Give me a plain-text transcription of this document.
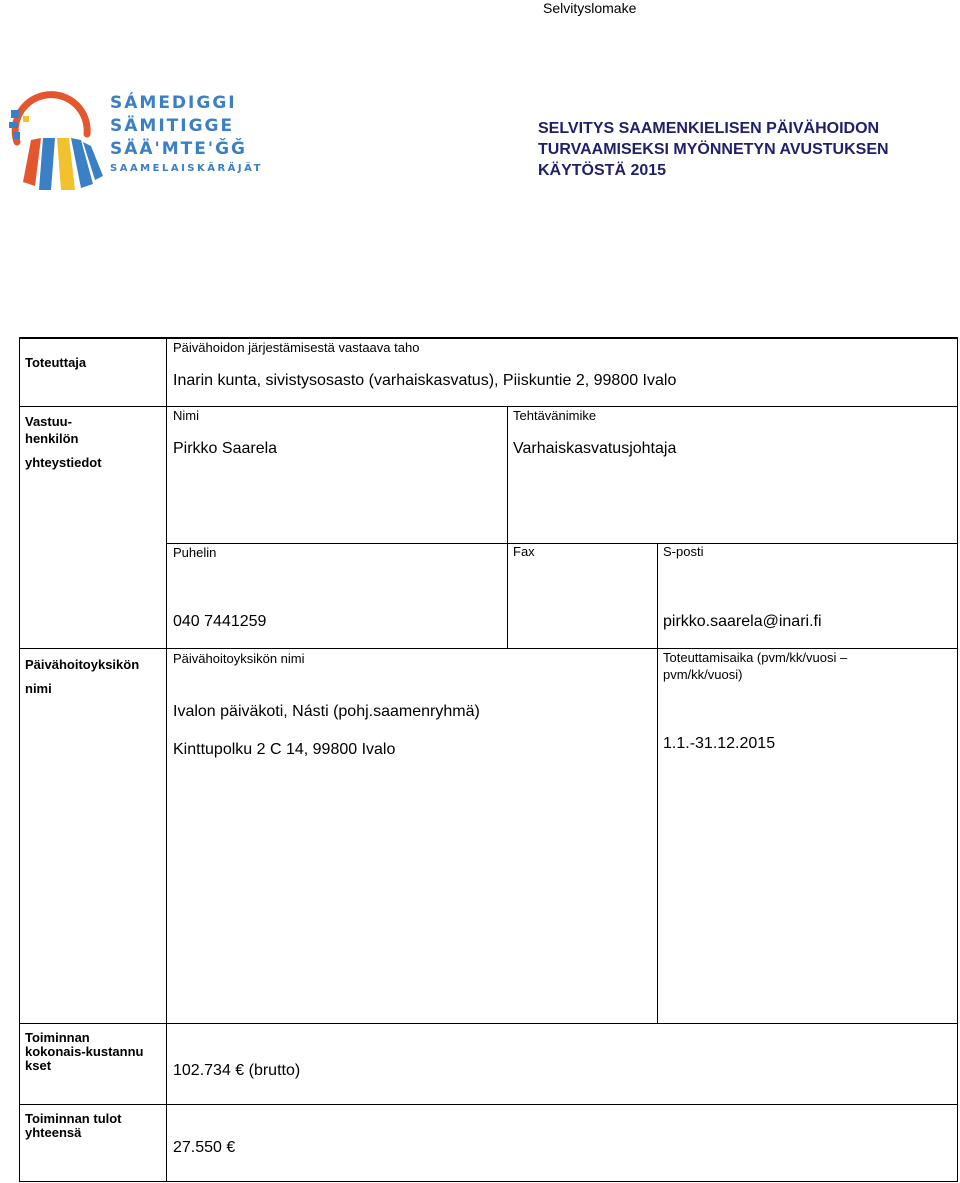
Selvityslomake
SÁMEDIGGI
SÄMITIGGE
SÄÄ'MTE'ǦǦ
SAAMELAISKÄRÄJÄT
SELVITYS SAAMENKIELISEN PÄIVÄHOIDON
TURVAAMISEKSI MYÖNNETYN AVUSTUKSEN
KÄYTÖSTÄ 2015
Toteuttaja
Päivähoidon järjestämisestä vastaava taho
Inarin kunta, sivistysosasto (varhaiskasvatus), Piiskuntie 2, 99800 Ivalo
Vastuu-
henkilön
yhteystiedot
Nimi
Pirkko Saarela
Tehtävänimike
Varhaiskasvatusjohtaja
Puhelin
040 7441259
Fax	S-posti
pirkko.saarela@inari.fi
Päivähoitoyksikön
nimi
Päivähoitoyksikön nimi
Ivalon päiväkoti, Násti (pohj.saamenryhmä)
Kinttupolku 2 C 14, 99800 Ivalo
Toteuttamisaika (pvm/kk/vuosi –
pvm/kk/vuosi)
1.1.-31.12.2015
Toiminnan
kokonais-kustannu
kset	102.734 € (brutto)
Toiminnan tulot
yhteensä
27.550 €
